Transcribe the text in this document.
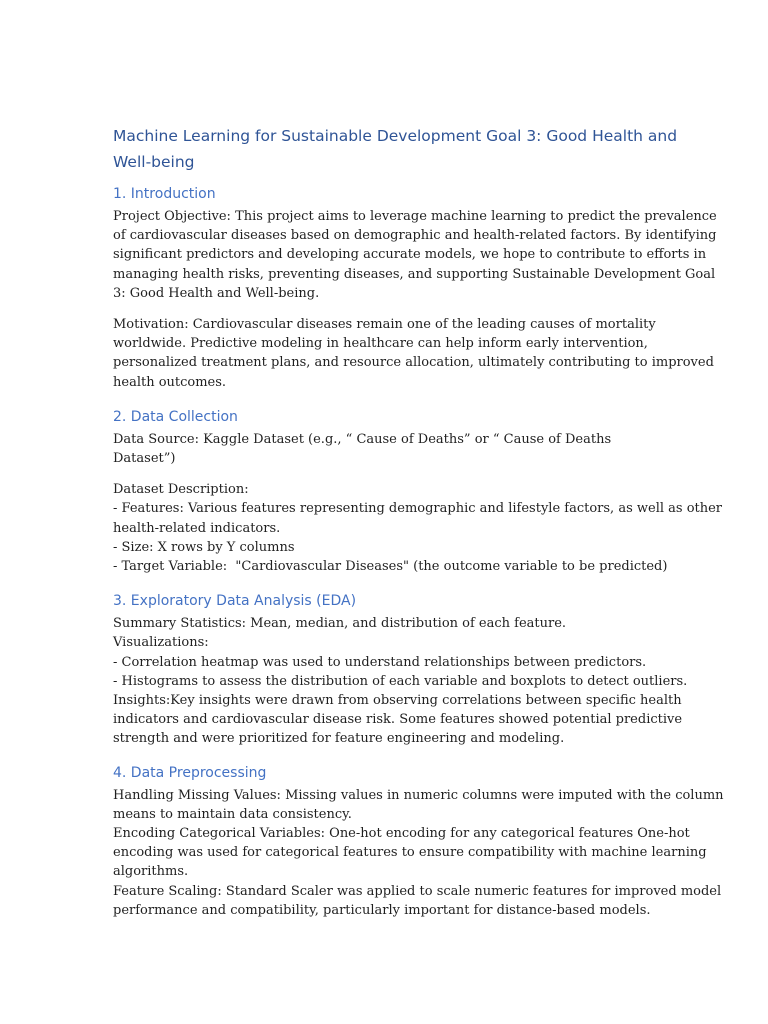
Machine Learning for Sustainable Development Goal 3: Good Health and
Well-being
1. Introduction

Project Objective: This project aims to leverage machine learning to predict the prevalence
of cardiovascular diseases based on demographic and health-related factors. By identifying
significant predictors and developing accurate models, we hope to contribute to efforts in
managing health risks, preventing diseases, and supporting Sustainable Development Goal
3: Good Health and Well-being.

Motivation: Cardiovascular diseases remain one of the leading causes of mortality
worldwide. Predictive modeling in healthcare can help inform early intervention,
personalized treatment plans, and resource allocation, ultimately contributing to improved
health outcomes.

2. Data Collection

Data Source: Kaggle Dataset (e.g., “ Cause of Deaths” or “ Cause of Deaths Dataset”)

Dataset Description:
- Features: Various features representing demographic and lifestyle factors, as well as other
health-related indicators.
- Size: X rows by Y columns
- Target Variable:  "Cardiovascular Diseases" (the outcome variable to be predicted)

3. Exploratory Data Analysis (EDA)

Summary Statistics: Mean, median, and distribution of each feature.
Visualizations:
- Correlation heatmap was used to understand relationships between predictors.
- Histograms to assess the distribution of each variable and boxplots to detect outliers.
Insights:Key insights were drawn from observing correlations between specific health
indicators and cardiovascular disease risk. Some features showed potential predictive
strength and were prioritized for feature engineering and modeling.

4. Data Preprocessing

Handling Missing Values: Missing values in numeric columns were imputed with the column
means to maintain data consistency.
Encoding Categorical Variables: One-hot encoding for any categorical features One-hot
encoding was used for categorical features to ensure compatibility with machine learning
algorithms.
Feature Scaling: Standard Scaler was applied to scale numeric features for improved model
performance and compatibility, particularly important for distance-based models.
